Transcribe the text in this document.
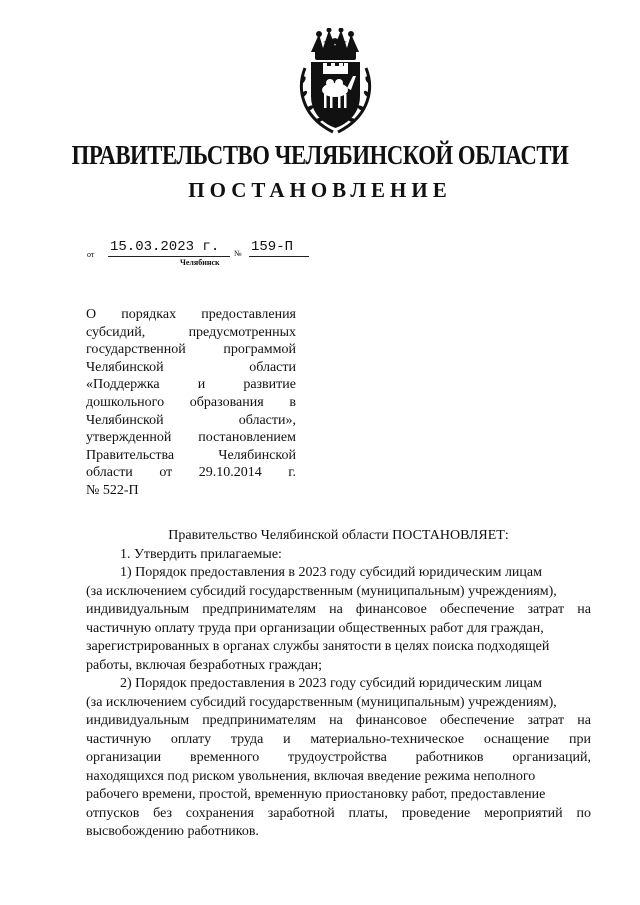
ПРАВИТЕЛЬСТВО ЧЕЛЯБИНСКОЙ ОБЛАСТИ
ПОСТАНОВЛЕНИЕ
от 15.03.2023 г.	№ 159-П
Челябинск
О порядках предоставления
субсидий,	предусмотренных
государственной	программой
Челябинской	области
«Поддержка	и	развитие
дошкольного образования в
Челябинской	области»,
утвержденной постановлением
Правительства	Челябинской
области от 29.10.2014 г.
№ 522-П
Правительство Челябинской области ПОСТАНОВЛЯЕТ:
1. Утвердить прилагаемые:
1) Порядок предоставления в 2023 году субсидий юридическим лицам
(за исключением субсидий государственным (муниципальным) учреждениям),
индивидуальным предпринимателям на финансовое обеспечение затрат на
частичную оплату труда при организации общественных работ для граждан,
зарегистрированных в органах службы занятости в целях поиска подходящей
работы, включая безработных граждан;
2) Порядок предоставления в 2023 году субсидий юридическим лицам
(за исключением субсидий государственным (муниципальным) учреждениям),
индивидуальным предпринимателям на финансовое обеспечение затрат на
частичную оплату труда и материально-техническое оснащение при
организации временного трудоустройства работников организаций,
находящихся под риском увольнения, включая введение режима неполного
рабочего времени, простой, временную приостановку работ, предоставление
отпусков без сохранения заработной платы, проведение мероприятий по
высвобождению работников.
